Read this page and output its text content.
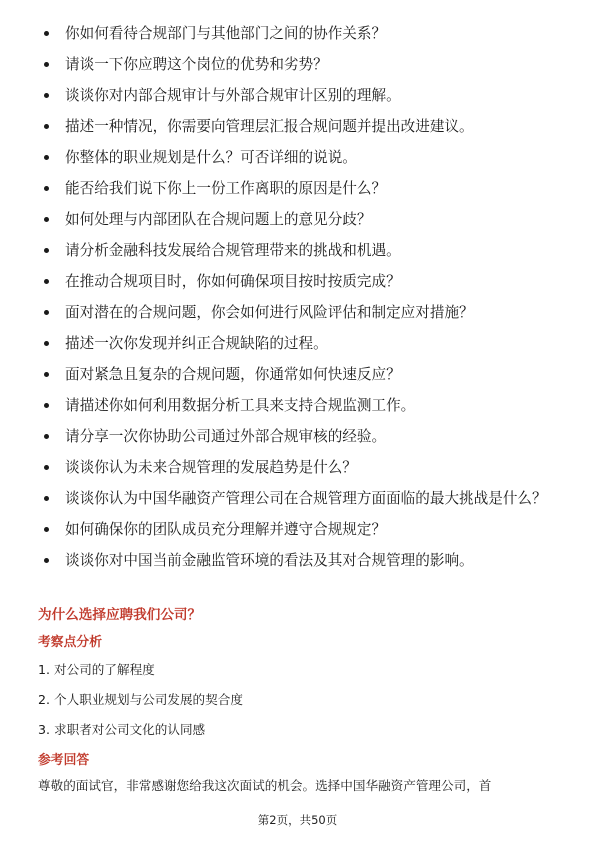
你如何看待合规部门与其他部门之间的协作关系？
请谈一下你应聘这个岗位的优势和劣势？
谈谈你对内部合规审计与外部合规审计区别的理解。
描述一种情况，你需要向管理层汇报合规问题并提出改进建议。
你整体的职业规划是什么？可否详细的说说。
能否给我们说下你上一份工作离职的原因是什么？
如何处理与内部团队在合规问题上的意见分歧？
请分析金融科技发展给合规管理带来的挑战和机遇。
在推动合规项目时，你如何确保项目按时按质完成？
面对潜在的合规问题，你会如何进行风险评估和制定应对措施？
描述一次你发现并纠正合规缺陷的过程。
面对紧急且复杂的合规问题，你通常如何快速反应？
请描述你如何利用数据分析工具来支持合规监测工作。
请分享一次你协助公司通过外部合规审核的经验。
谈谈你认为未来合规管理的发展趋势是什么？
谈谈你认为中国华融资产管理公司在合规管理方面面临的最大挑战是什么？
如何确保你的团队成员充分理解并遵守合规规定？
谈谈你对中国当前金融监管环境的看法及其对合规管理的影响。
为什么选择应聘我们公司？
考察点分析
1. 对公司的了解程度
2. 个人职业规划与公司发展的契合度
3. 求职者对公司文化的认同感
参考回答
尊敬的面试官，非常感谢您给我这次面试的机会。选择中国华融资产管理公司，首
第2页，共50页
